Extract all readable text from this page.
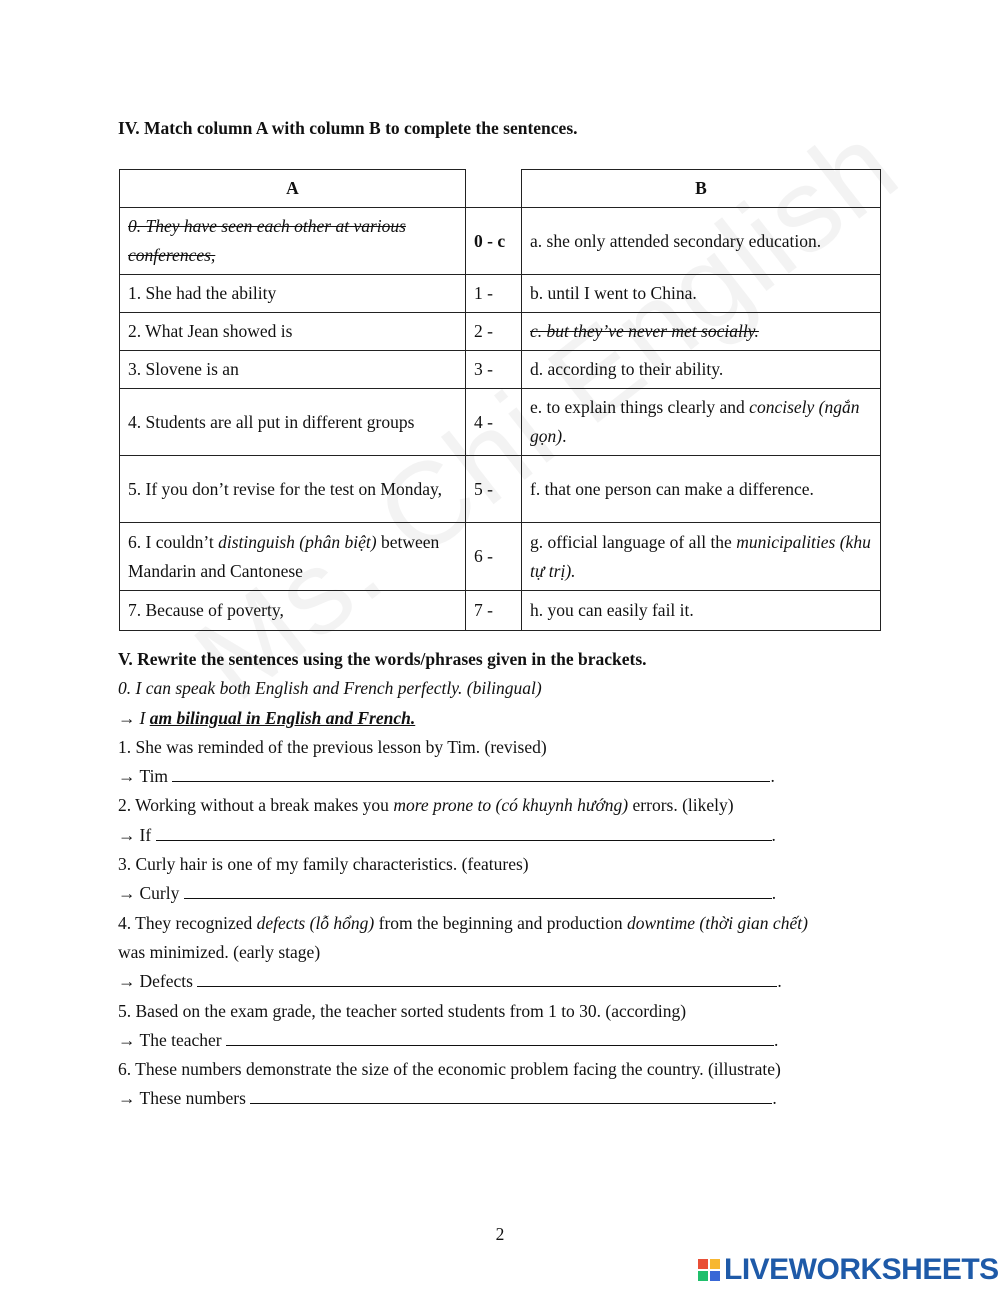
IV. Match column A with column B to complete the sentences.
A		B
0. They have seen each other at various conferences,	0 - c	a. she only attended secondary education.
1. She had the ability	1 -	b. until I went to China.
2. What Jean showed is	2 -	c. but they’ve never met socially.
3. Slovene is an	3 -	d. according to their ability.
4. Students are all put in different groups	4 -	e. to explain things clearly and concisely (ngắn gọn).
5. If you don’t revise for the test on Monday,	5 -	f. that one person can make a difference.
6. I couldn’t distinguish (phân biệt) between Mandarin and Cantonese	6 -	g. official language of all the municipalities (khu tự trị).
7. Because of poverty,	7 -	h. you can easily fail it.
V. Rewrite the sentences using the words/phrases given in the brackets.
0. I can speak both English and French perfectly. (bilingual)
→ I am bilingual in English and French.
1. She was reminded of the previous lesson by Tim. (revised)
→ Tim	.
2. Working without a break makes you more prone to (có khuynh hướng) errors. (likely)
→ If	.
3. Curly hair is one of my family characteristics. (features)
→ Curly	.
4. They recognized defects (lỗ hổng) from the beginning and production downtime (thời gian chết)
was minimized. (early stage)
→ Defects	.
5. Based on the exam grade, the teacher sorted students from 1 to 30. (according)
→ The teacher	.
6. These numbers demonstrate the size of the economic problem facing the country. (illustrate)
→ These numbers	.
2
LIVEWORKSHEETS
